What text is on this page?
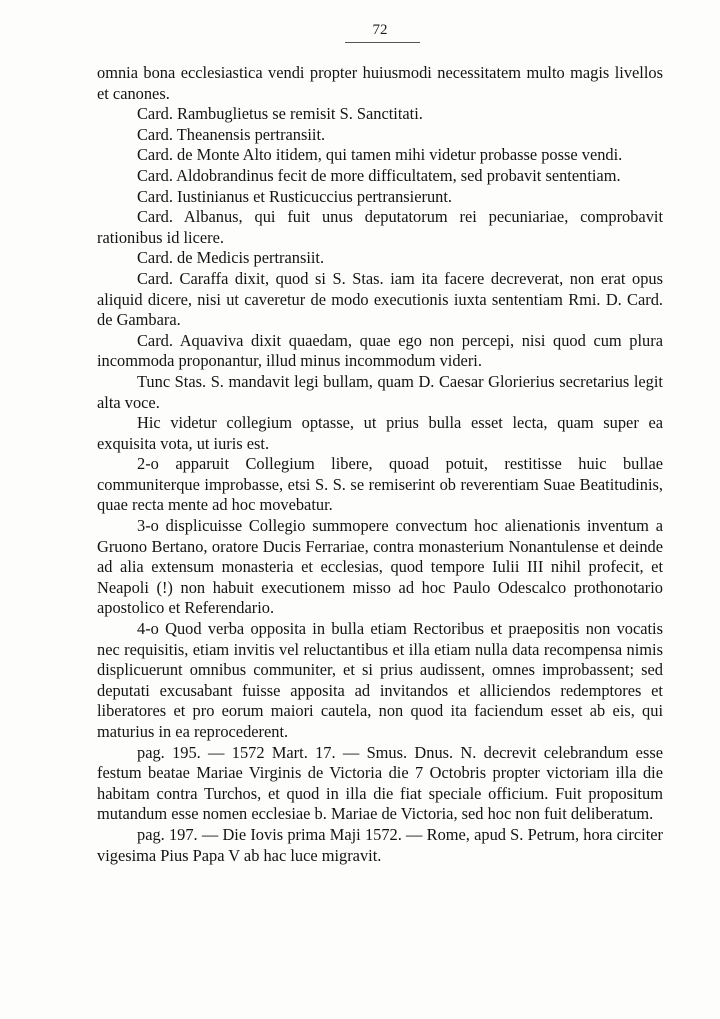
72

omnia bona ecclesiastica vendi propter huiusmodi necessitatem multo magis livellos et canones.

Card. Rambuglietus se remisit S. Sanctitati.

Card. Theanensis pertransiit.

Card. de Monte Alto itidem, qui tamen mihi videtur probasse posse vendi.

Card. Aldobrandinus fecit de more difficultatem, sed probavit sententiam.

Card. Iustinianus et Rusticuccius pertransierunt.

Card. Albanus, qui fuit unus deputatorum rei pecuniariae, comprobavit rationibus id licere.

Card. de Medicis pertransiit.

Card. Caraffa dixit, quod si S. Stas. iam ita facere decreverat, non erat opus aliquid dicere, nisi ut caveretur de modo executionis iuxta sententiam Rmi. D. Card. de Gambara.

Card. Aquaviva dixit quaedam, quae ego non percepi, nisi quod cum plura incommoda proponantur, illud minus incommodum videri.

Tunc Stas. S. mandavit legi bullam, quam D. Caesar Glorierius secretarius legit alta voce.

Hic videtur collegium optasse, ut prius bulla esset lecta, quam super ea exquisita vota, ut iuris est.

2-o apparuit Collegium libere, quoad potuit, restitisse huic bullae communiterque improbasse, etsi S. S. se remiserint ob reverentiam Suae Beatitudinis, quae recta mente ad hoc movebatur.

3-o displicuisse Collegio summopere convectum hoc alienationis inventum a Gruono Bertano, oratore Ducis Ferrariae, contra monasterium Nonantulense et deinde ad alia extensum monasteria et ecclesias, quod tempore Iulii III nihil profecit, et Neapoli (!) non habuit executionem misso ad hoc Paulo Odescalco prothonotario apostolico et Referendario.

4-o Quod verba opposita in bulla etiam Rectoribus et praepositis non vocatis nec requisitis, etiam invitis vel reluctantibus et illa etiam nulla data recompensa nimis displicuerunt omnibus communiter, et si prius audissent, omnes improbassent; sed deputati excusabant fuisse apposita ad invitandos et alliciendos redemptores et liberatores et pro eorum maiori cautela, non quod ita faciendum esset ab eis, qui maturius in ea reprocederent.

pag. 195. — 1572 Mart. 17. — Smus. Dnus. N. decrevit celebrandum esse festum beatae Mariae Virginis de Victoria die 7 Octobris propter victoriam illa die habitam contra Turchos, et quod in illa die fiat speciale officium. Fuit propositum mutandum esse nomen ecclesiae b. Mariae de Victoria, sed hoc non fuit deliberatum.

pag. 197. — Die Iovis prima Maji 1572. — Rome, apud S. Petrum, hora circiter vigesima Pius Papa V ab hac luce migravit.
